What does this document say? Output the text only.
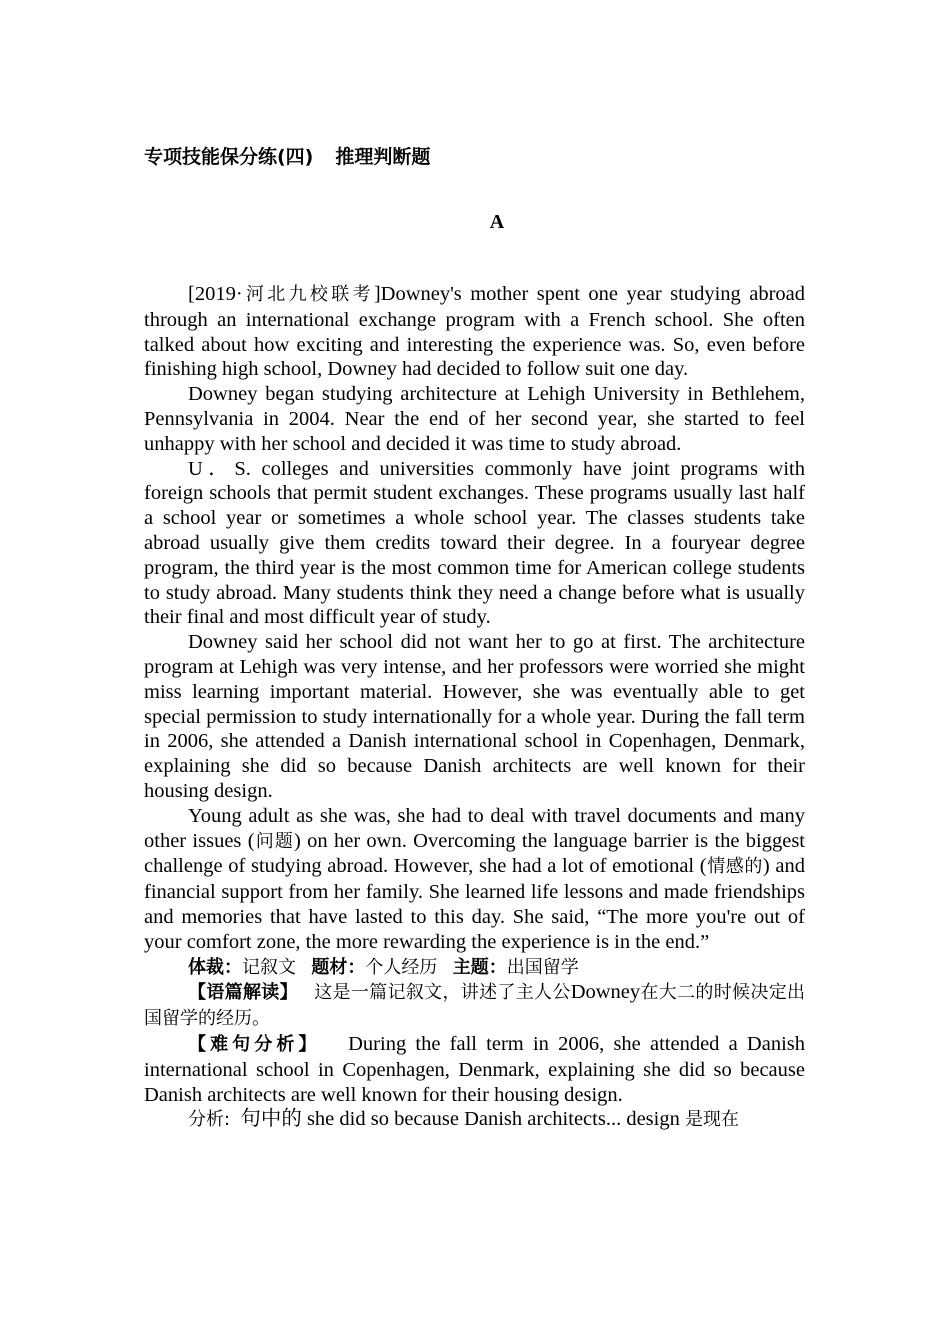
专项技能保分练(四) 推理判断题
A

[2019·河北九校联考]Downey's mother spent one year studying abroad through an international exchange program with a French school. She often talked about how exciting and interesting the experience was. So, even before finishing high school, Downey had decided to follow suit one day.

Downey began studying architecture at Lehigh University in Bethlehem, Pennsylvania in 2004. Near the end of her second year, she started to feel unhappy with her school and decided it was time to study abroad.

U．S. colleges and universities commonly have joint programs with foreign schools that permit student exchanges. These programs usually last half a school year or sometimes a whole school year. The classes students take abroad usually give them credits toward their degree. In a fouryear degree program, the third year is the most common time for American college students to study abroad. Many students think they need a change before what is usually their final and most difficult year of study.

Downey said her school did not want her to go at first. The architecture program at Lehigh was very intense, and her professors were worried she might miss learning important material. However, she was eventually able to get special permission to study internationally for a whole year. During the fall term in 2006, she attended a Danish international school in Copenhagen, Denmark, explaining she did so because Danish architects are well known for their housing design.

Young adult as she was, she had to deal with travel documents and many other issues (问题) on her own. Overcoming the language barrier is the biggest challenge of studying abroad. However, she had a lot of emotional (情感的) and financial support from her family. She learned life lessons and made friendships and memories that have lasted to this day. She said, “The more you're out of your comfort zone, the more rewarding the experience is in the end.”

体裁：记叙文 题材：个人经历 主题：出国留学

【语篇解读】 这是一篇记叙文，讲述了主人公Downey在大二的时候决定出国留学的经历。

【难句分析】 During the fall term in 2006, she attended a Danish international school in Copenhagen, Denmark, explaining she did so because Danish architects are well known for their housing design.

分析: 句中的 she did so because Danish architects... design 是现在
